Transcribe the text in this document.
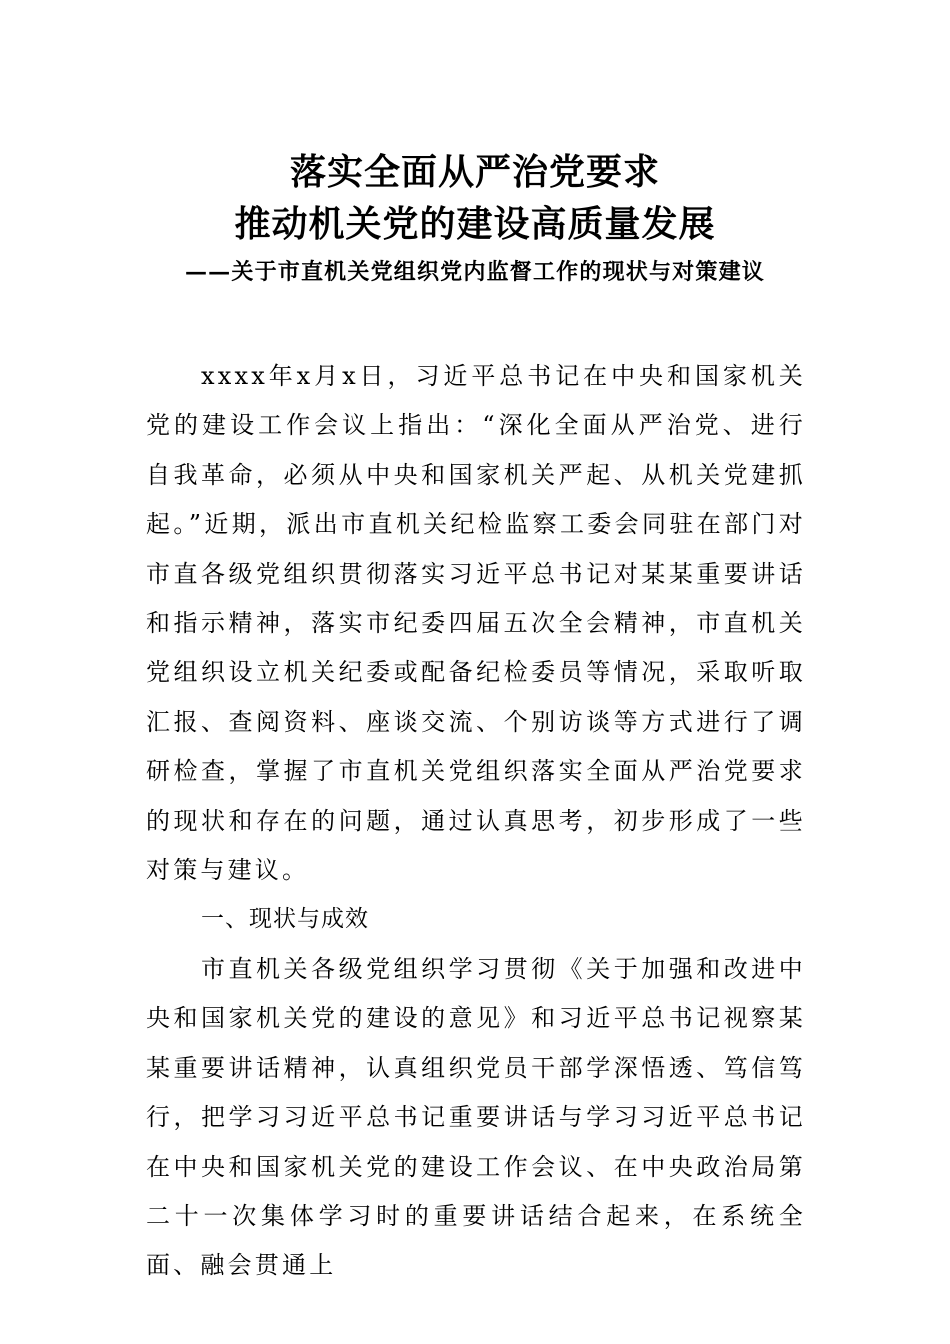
落实全面从严治党要求
推动机关党的建设高质量发展
——关于市直机关党组织党内监督工作的现状与对策建议

xxxx年x月x日，习近平总书记在中央和国家机关党的建设工作会议上指出：“深化全面从严治党、进行自我革命，必须从中央和国家机关严起、从机关党建抓起。”近期，派出市直机关纪检监察工委会同驻在部门对市直各级党组织贯彻落实习近平总书记对某某重要讲话和指示精神，落实市纪委四届五次全会精神，市直机关党组织设立机关纪委或配备纪检委员等情况，采取听取汇报、查阅资料、座谈交流、个别访谈等方式进行了调研检查，掌握了市直机关党组织落实全面从严治党要求的现状和存在的问题，通过认真思考，初步形成了一些对策与建议。

一、现状与成效

市直机关各级党组织学习贯彻《关于加强和改进中央和国家机关党的建设的意见》和习近平总书记视察某某重要讲话精神，认真组织党员干部学深悟透、笃信笃行，把学习习近平总书记重要讲话与学习习近平总书记在中央和国家机关党的建设工作会议、在中央政治局第二十一次集体学习时的重要讲话结合起来，在系统全面、融会贯通上
